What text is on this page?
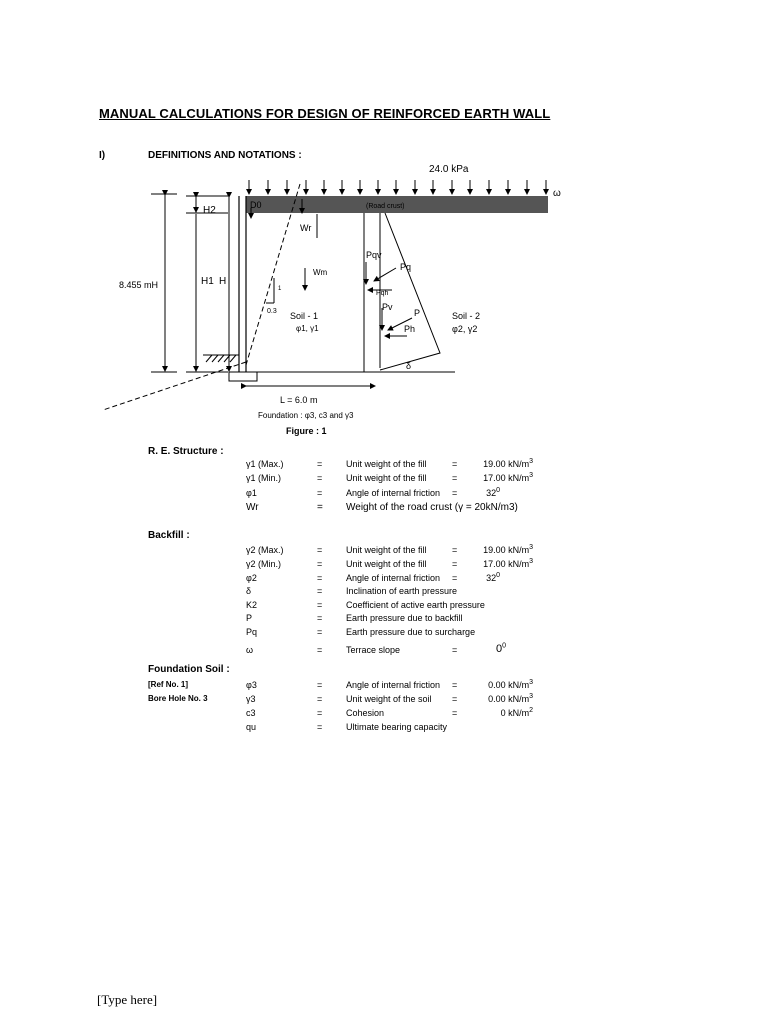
MANUAL CALCULATIONS FOR DESIGN OF REINFORCED EARTH WALL
I)	DEFINITIONS AND NOTATIONS :
24.0 kPa
ω
8.455 mH
H2
H1 H
D0	(Road crust)
Wr
Wm
1
0.3 Soil - 1
φ1, γ1
Soil - 2
φ2, γ2
Pqv
Pq
Pqh
Pv
P
Ph
δ
L = 6.0 m
Foundation : φ3, c3 and γ3
Figure : 1
R. E. Structure :
γ1 (Max.)	=	Unit weight of the fill	=	19.00 $kN/m^3$
γ1 (Min.)	=	Unit weight of the fill	=	17.00 $kN/m^3$
φ1	=	Angle of internal friction =	$32^0$
Wr	= Weight of the road crust (γ = 20kN/m3)
Backfill :
γ2 (Max.)	=	Unit weight of the fill	=	19.00 $kN/m^3$
γ2 (Min.)	=	Unit weight of the fill	=	17.00 $kN/m^3$
φ2	=	Angle of internal friction =	$32^0$
δ	=	Inclination of earth pressure
K2	=	Coefficient of active earth pressure
P	=	Earth pressure due to backfill
Pq	=	Earth pressure due to surcharge
ω	=	Terrace slope	=	$0^0$
Foundation Soil :
[Ref No. 1]	φ3	=	Angle of internal friction =	0.00 $kN/m^3$
Bore Hole No. 3	γ3	=	Unit weight of the soil =	0.00 $kN/m^3$
c3	=	Cohesion	=	0 $kN/m^2$
qu	=	Ultimate bearing capacity
[Type here]
